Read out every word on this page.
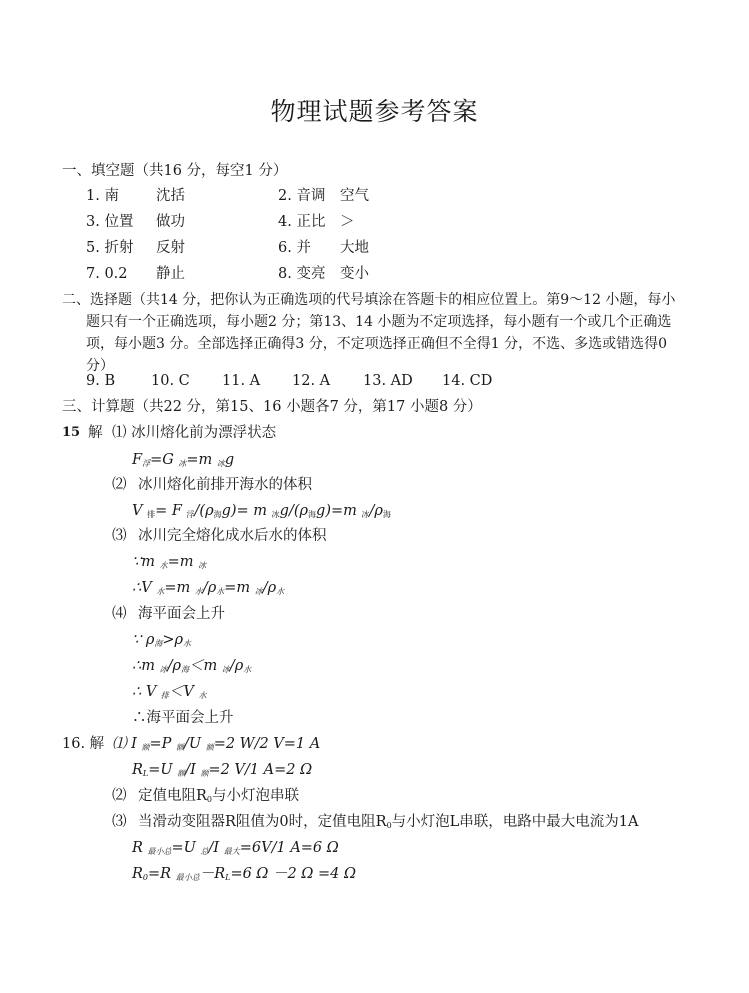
物理试题参考答案
一、填空题（共16 分，每空1 分）
1. 南	沈括	2. 音调 空气
3. 位置 做功	4. 正比 ＞
5. 折射 反射	6. 并 大地
7. 0.2 静止	8. 变亮 变小
二、选择题（共14 分，把你认为正确选项的代号填涂在答题卡的相应位置上。第9～12 小题，每小
题只有一个正确选项，每小题2 分；第13、14 小题为不定项选择，每小题有一个或几个正确选
项，每小题3 分。全部选择正确得3 分，不定项选择正确但不全得1 分，不选、多选或错选得0
分）
9. B 10. C 11. A 12. A 13. AD 14. CD
三、计算题（共22 分，第15、16 小题各7 分，第17 小题8 分）
15 解 ⑴ 冰川熔化前为漂浮状态
$F_浮=G$ $_冰$=m $_冰$g
⑵ 冰川熔化前排开海水的体积
V $_排$= F $_浮/(\rho_海g)= m$ $_冰g/(\rho_海g)=m$ $_冰/\rho_海$
⑶ 冰川完全熔化成水后水的体积
∵m $_水$=m $_冰$
∴V $_水$=m $_水/\rho_水=m$ $_冰/\rho_水$
⑷ 海平面会上升
∵ $\rho_海>\rho_水$
∴m $_冰/\rho_海<m$ $_冰/\rho_水$
∴ V $_排$＜V $_水$
∴海平面会上升
16. 解 ⑴ I $_额$=P $_额$/U $_额$=2 W/2 V=1 A
$R_L=U$ $_额$/I $_额$=2 V/1 A=2 Ω
⑵ 定值电阻$R_0$与小灯泡串联
⑶ 当滑动变阻器R阻值为0时，定值电阻$R_0$与小灯泡L串联，电路中最大电流为1A
R $_{最小总}$=U $_总$/I $_{最大}$=6V/1 A=6 Ω
$R_0=R$ $_{最小总}-R_L=6$ Ω －2 Ω =4 Ω
